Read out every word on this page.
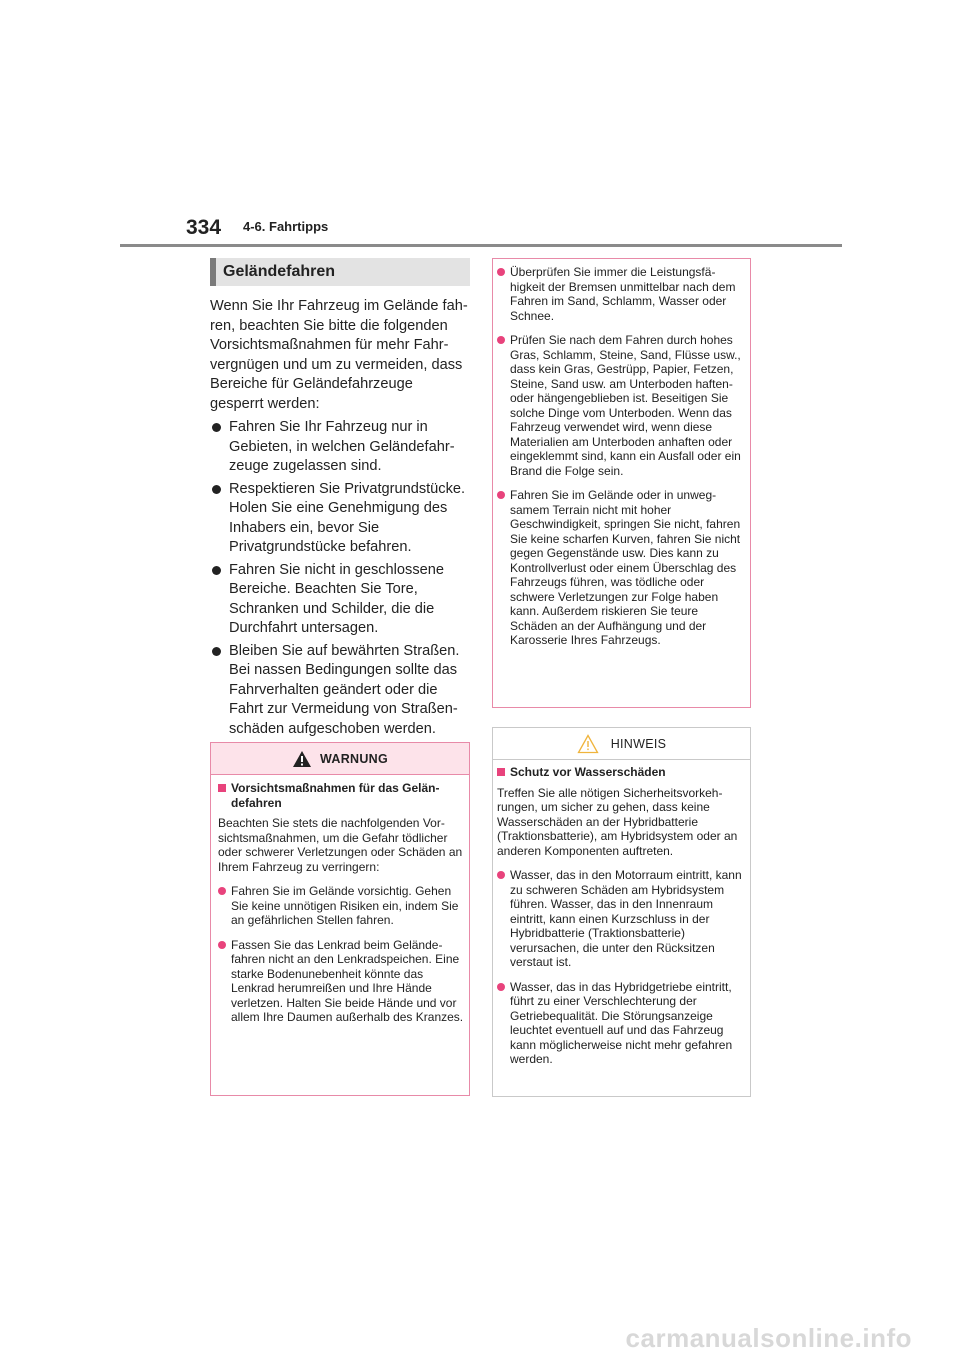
334 4-6. Fahrtipps
Geländefahren

Wenn Sie Ihr Fahrzeug im Gelände fahren, beachten Sie bitte die folgenden Vorsichtsmaßnahmen für mehr Fahrvergnügen und um zu vermeiden, dass Bereiche für Geländefahrzeuge gesperrt werden:

Fahren Sie Ihr Fahrzeug nur in Gebieten, in welchen Geländefahrzeuge zugelassen sind.
Respektieren Sie Privatgrundstücke. Holen Sie eine Genehmigung des Inhabers ein, bevor Sie Privatgrundstücke befahren.
Fahren Sie nicht in geschlossene Bereiche. Beachten Sie Tore, Schranken und Schilder, die die Durchfahrt untersagen.
Bleiben Sie auf bewährten Straßen. Bei nassen Bedingungen sollte das Fahrverhalten geändert oder die Fahrt zur Vermeidung von Straßenschäden aufgeschoben werden.
WARNUNG
Vorsichtsmaßnahmen für das Geländefahren

Beachten Sie stets die nachfolgenden Vorsichtsmaßnahmen, um die Gefahr tödlicher oder schwerer Verletzungen oder Schäden an Ihrem Fahrzeug zu verringern:

Fahren Sie im Gelände vorsichtig. Gehen Sie keine unnötigen Risiken ein, indem Sie an gefährlichen Stellen fahren.
Fassen Sie das Lenkrad beim Geländefahren nicht an den Lenkradspeichen. Eine starke Bodenunebenheit könnte das Lenkrad herumreißen und Ihre Hände verletzen. Halten Sie beide Hände und vor allem Ihre Daumen außerhalb des Kranzes.
Überprüfen Sie immer die Leistungsfähigkeit der Bremsen unmittelbar nach dem Fahren im Sand, Schlamm, Wasser oder Schnee.
Prüfen Sie nach dem Fahren durch hohes Gras, Schlamm, Steine, Sand, Flüsse usw., dass kein Gras, Gestrüpp, Papier, Fetzen, Steine, Sand usw. am Unterboden haften- oder hängengeblieben ist. Beseitigen Sie solche Dinge vom Unterboden. Wenn das Fahrzeug verwendet wird, wenn diese Materialien am Unterboden anhaften oder eingeklemmt sind, kann ein Ausfall oder ein Brand die Folge sein.
Fahren Sie im Gelände oder in unwegsamem Terrain nicht mit hoher Geschwindigkeit, springen Sie nicht, fahren Sie keine scharfen Kurven, fahren Sie nicht gegen Gegenstände usw. Dies kann zu Kontrollverlust oder einem Überschlag des Fahrzeugs führen, was tödliche oder schwere Verletzungen zur Folge haben kann. Außerdem riskieren Sie teure Schäden an der Aufhängung und der Karosserie Ihres Fahrzeugs.
HINWEIS
Schutz vor Wasserschäden

Treffen Sie alle nötigen Sicherheitsvorkehrungen, um sicher zu gehen, dass keine Wasserschäden an der Hybridbatterie (Traktionsbatterie), am Hybridsystem oder an anderen Komponenten auftreten.

Wasser, das in den Motorraum eintritt, kann zu schweren Schäden am Hybridsystem führen. Wasser, das in den Innenraum eintritt, kann einen Kurzschluss in der Hybridbatterie (Traktionsbatterie) verursachen, die unter den Rücksitzen verstaut ist.
Wasser, das in das Hybridgetriebe eintritt, führt zu einer Verschlechterung der Getriebequalität. Die Störungsanzeige leuchtet eventuell auf und das Fahrzeug kann möglicherweise nicht mehr gefahren werden.
carmanualsonline.info
